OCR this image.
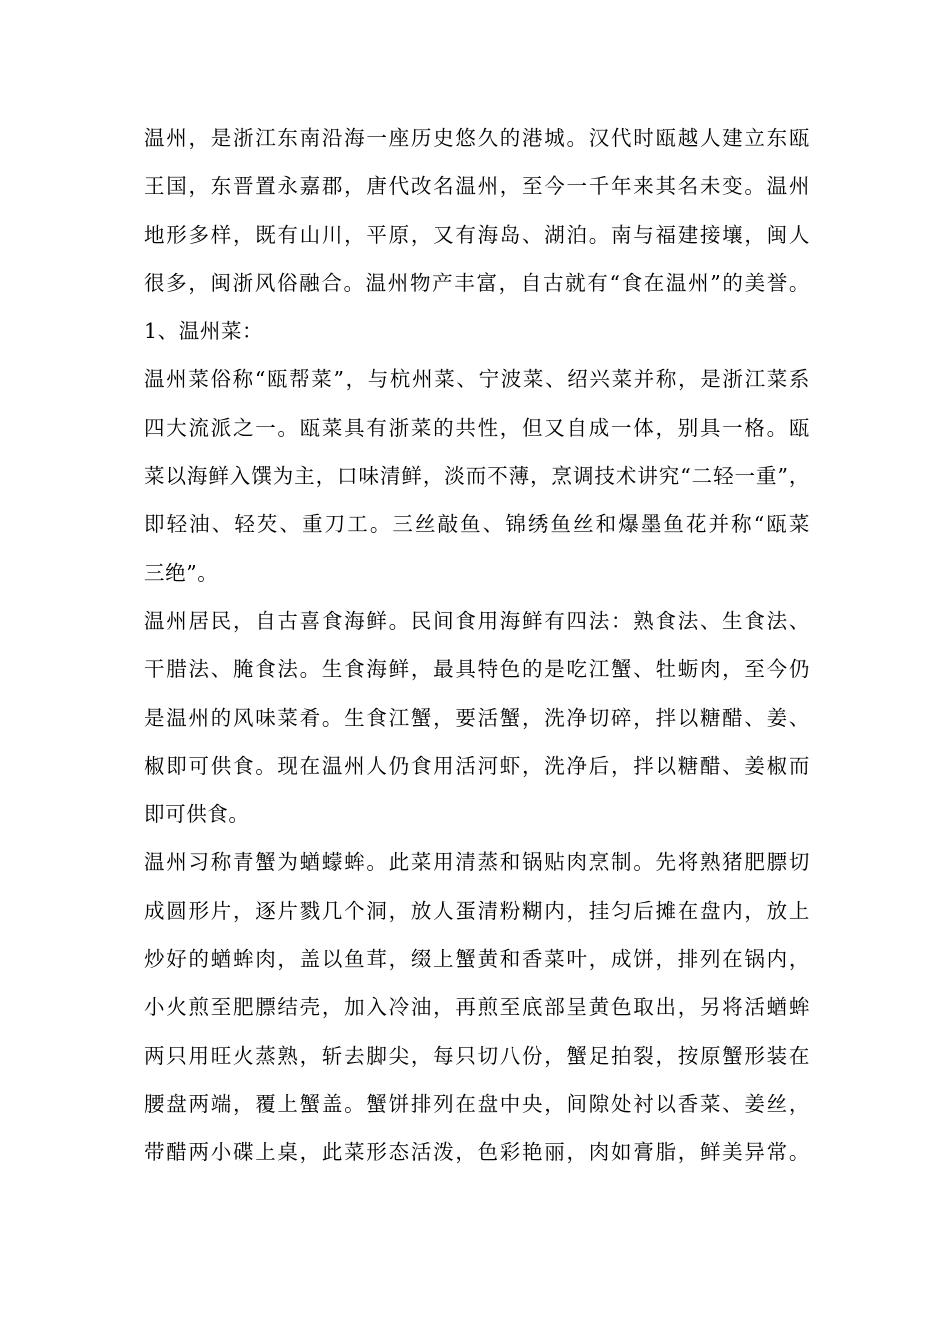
温州，是浙江东南沿海一座历史悠久的港城。汉代时瓯越人建立东瓯
王国，东晋置永嘉郡，唐代改名温州，至今一千年来其名未变。温州
地形多样，既有山川，平原，又有海岛、湖泊。南与福建接壤，闽人
很多，闽浙风俗融合。温州物产丰富，自古就有“食在温州”的美誉。
1、温州菜：
温州菜俗称“瓯帮菜”，与杭州菜、宁波菜、绍兴菜并称，是浙江菜系
四大流派之一。瓯菜具有浙菜的共性，但又自成一体，别具一格。瓯
菜以海鲜入馔为主，口味清鲜，淡而不薄，烹调技术讲究“二轻一重”，
即轻油、轻芡、重刀工。三丝敲鱼、锦绣鱼丝和爆墨鱼花并称“瓯菜
三绝”。
温州居民，自古喜食海鲜。民间食用海鲜有四法：熟食法、生食法、
干腊法、腌食法。生食海鲜，最具特色的是吃江蟹、牡蛎肉，至今仍
是温州的风味菜肴。生食江蟹，要活蟹，洗净切碎，拌以糖醋、姜、
椒即可供食。现在温州人仍食用活河虾，洗净后，拌以糖醋、姜椒而
即可供食。
温州习称青蟹为蝤蠓蛑。此菜用清蒸和锅贴肉烹制。先将熟猪肥膘切
成圆形片，逐片戮几个洞，放人蛋清粉糊内，挂匀后摊在盘内，放上
炒好的蝤蛑肉，盖以鱼茸，缀上蟹黄和香菜叶，成饼，排列在锅内，
小火煎至肥膘结壳，加入冷油，再煎至底部呈黄色取出，另将活蝤蛑
两只用旺火蒸熟，斩去脚尖，每只切八份，蟹足拍裂，按原蟹形装在
腰盘两端，覆上蟹盖。蟹饼排列在盘中央，间隙处衬以香菜、姜丝，
带醋两小碟上桌，此菜形态活泼，色彩艳丽，肉如膏脂，鲜美异常。
